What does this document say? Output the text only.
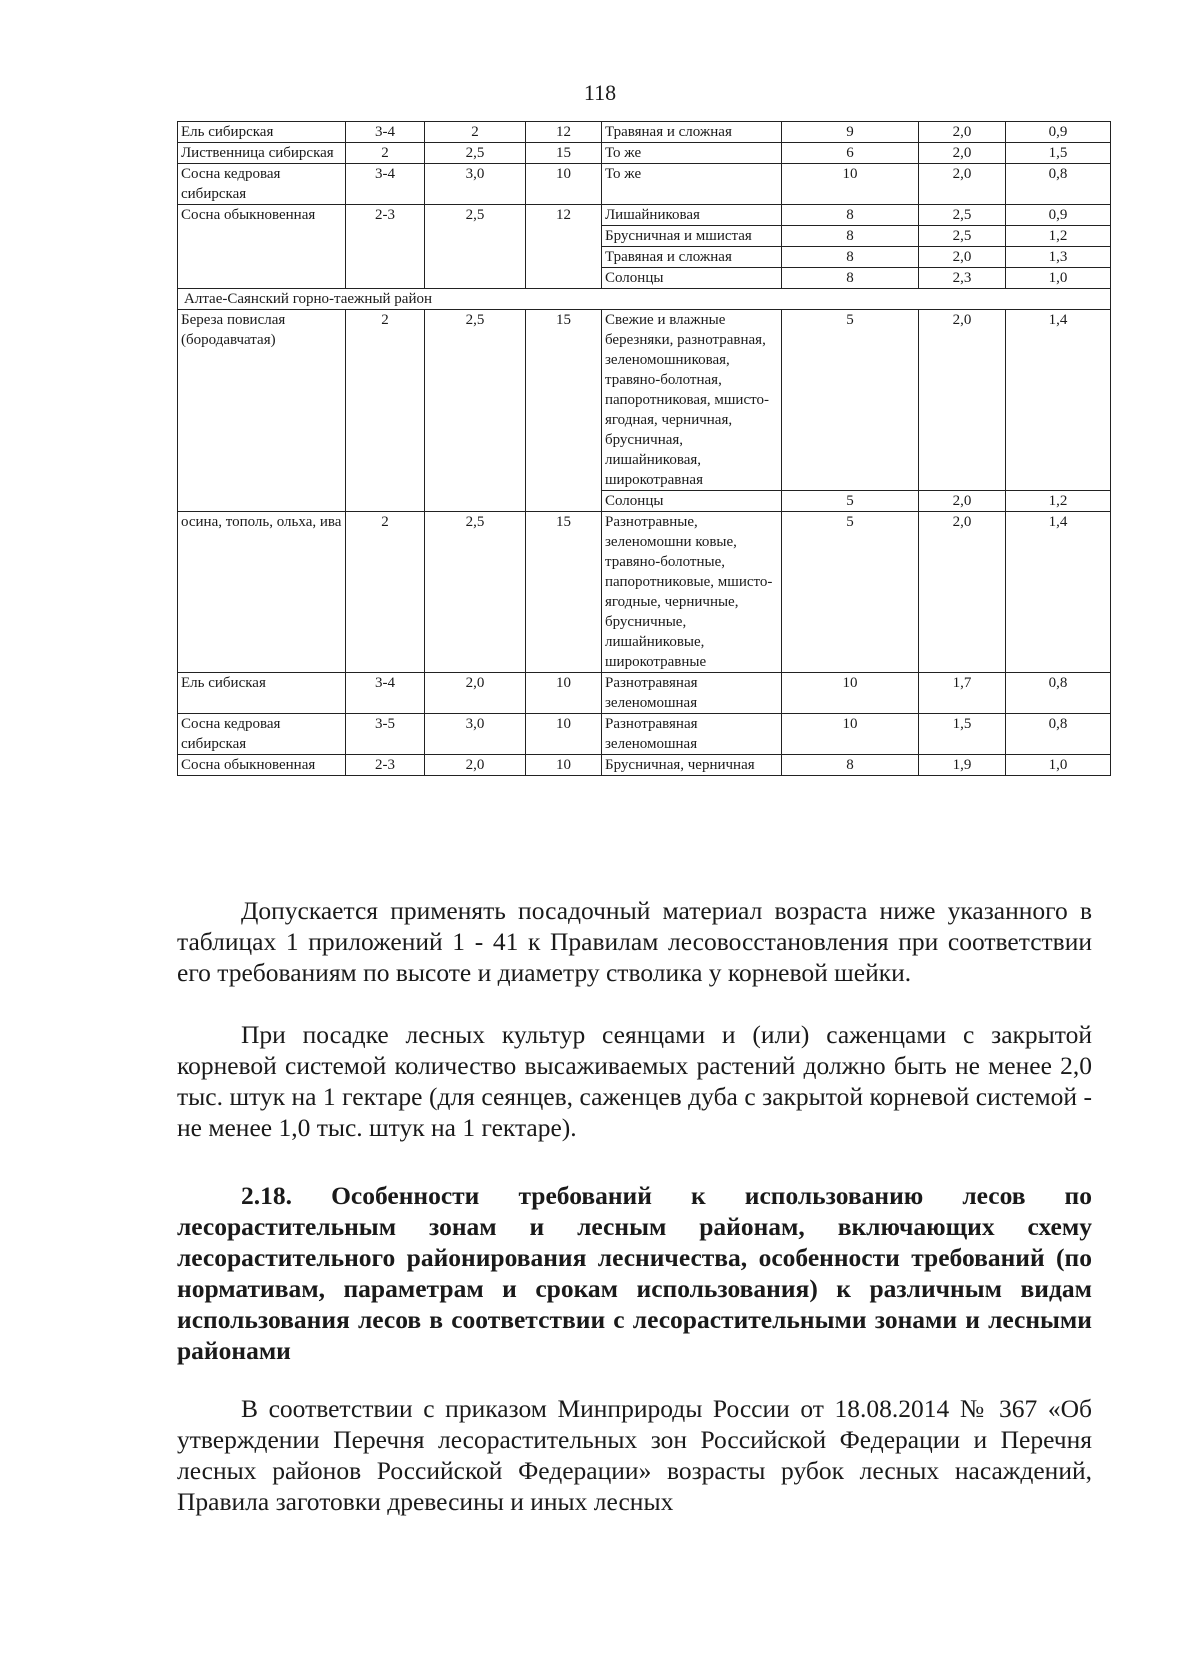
118
Ель сибирская	3-4	2	12	Травяная и сложная	9	2,0	0,9
Лиственница сибирская	2	2,5	15	То же	6	2,0	1,5
Сосна кедровая сибирская	3-4	3,0	10	То же	10	2,0	0,8
Сосна обыкновенная	2-3	2,5	12	Лишайниковая	8	2,5	0,9
				Брусничная и мшистая	8	2,5	1,2
				Травяная и сложная	8	2,0	1,3
				Солонцы	8	2,3	1,0
Алтае-Саянский горно-таежный район							
Береза повислая (бородавчатая)	2	2,5	15	Свежие и влажные березняки, разнотравная, зеленомошниковая, травяно-болотная, папоротниковая, мшисто-ягодная, черничная, брусничная, лишайниковая, широкотравная	5	2,0	1,4
				Солонцы	5	2,0	1,2
осина, тополь, ольха, ива	2	2,5	15	Разнотравные, зеленомошни ковые, травяно-болотные, папоротниковые, мшисто-ягодные, черничные, брусничные, лишайниковые, широкотравные	5	2,0	1,4
Ель сибиская	3-4	2,0	10	Разнотравяная зеленомошная	10	1,7	0,8
Сосна кедровая сибирская	3-5	3,0	10	Разнотравяная зеленомошная	10	1,5	0,8
Сосна обыкновенная	2-3	2,0	10	Брусничная, черничная	8	1,9	1,0

Допускается применять посадочный материал возраста ниже указанного в таблицах 1 приложений 1 - 41 к Правилам лесовосстановления при соответствии его требованиям по высоте и диаметру стволика у корневой шейки.

При посадке лесных культур сеянцами и (или) саженцами с закрытой корневой системой количество высаживаемых растений должно быть не менее 2,0 тыс. штук на 1 гектаре (для сеянцев, саженцев дуба с закрытой корневой системой - не менее 1,0 тыс. штук на 1 гектаре).

2.18. Особенности требований к использованию лесов по лесорастительным зонам и лесным районам, включающих схему лесорастительного районирования лесничества, особенности требований (по нормативам, параметрам и срокам использования) к различным видам использования лесов в соответствии с лесорастительными зонами и лесными районами

В соответствии с приказом Минприроды России от 18.08.2014 № 367 «Об утверждении Перечня лесорастительных зон Российской Федерации и Перечня лесных районов Российской Федерации» возрасты рубок лесных насаждений, Правила заготовки древесины и иных лесных
